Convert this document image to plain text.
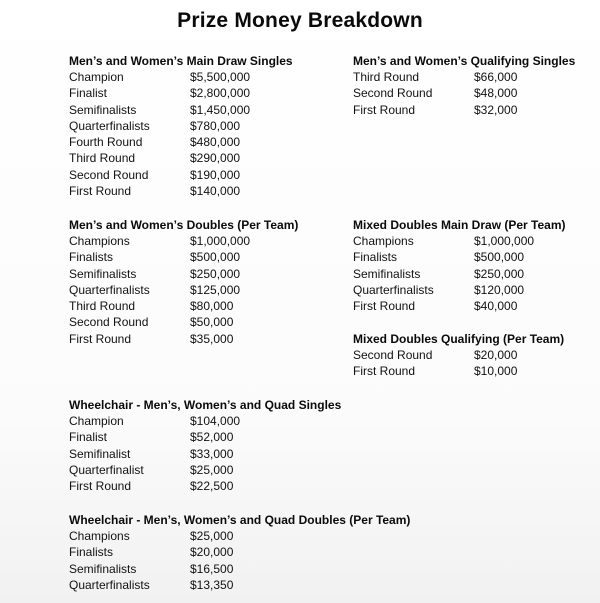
Prize Money Breakdown
Men’s and Women’s Main Draw Singles
Champion	$5,500,000
Finalist	$2,800,000
Semifinalists	$1,450,000
Quarterfinalists	$780,000
Fourth Round	$480,000
Third Round	$290,000
Second Round	$190,000
First Round	$140,000
Men’s and Women’s Qualifying Singles
Third Round	$66,000
Second Round	$48,000
First Round	$32,000
Men’s and Women’s Doubles (Per Team)
Champions	$1,000,000
Finalists	$500,000
Semifinalists	$250,000
Quarterfinalists	$125,000
Third Round	$80,000
Second Round	$50,000
First Round	$35,000
Mixed Doubles Main Draw (Per Team)
Champions	$1,000,000
Finalists	$500,000
Semifinalists	$250,000
Quarterfinalists	$120,000
First Round	$40,000
Mixed Doubles Qualifying (Per Team)
Second Round	$20,000
First Round	$10,000
Wheelchair - Men’s, Women’s and Quad Singles
Champion	$104,000
Finalist	$52,000
Semifinalist	$33,000
Quarterfinalist	$25,000
First Round	$22,500
Wheelchair - Men’s, Women’s and Quad Doubles (Per Team)
Champions	$25,000
Finalists	$20,000
Semifinalists	$16,500
Quarterfinalists	$13,350
